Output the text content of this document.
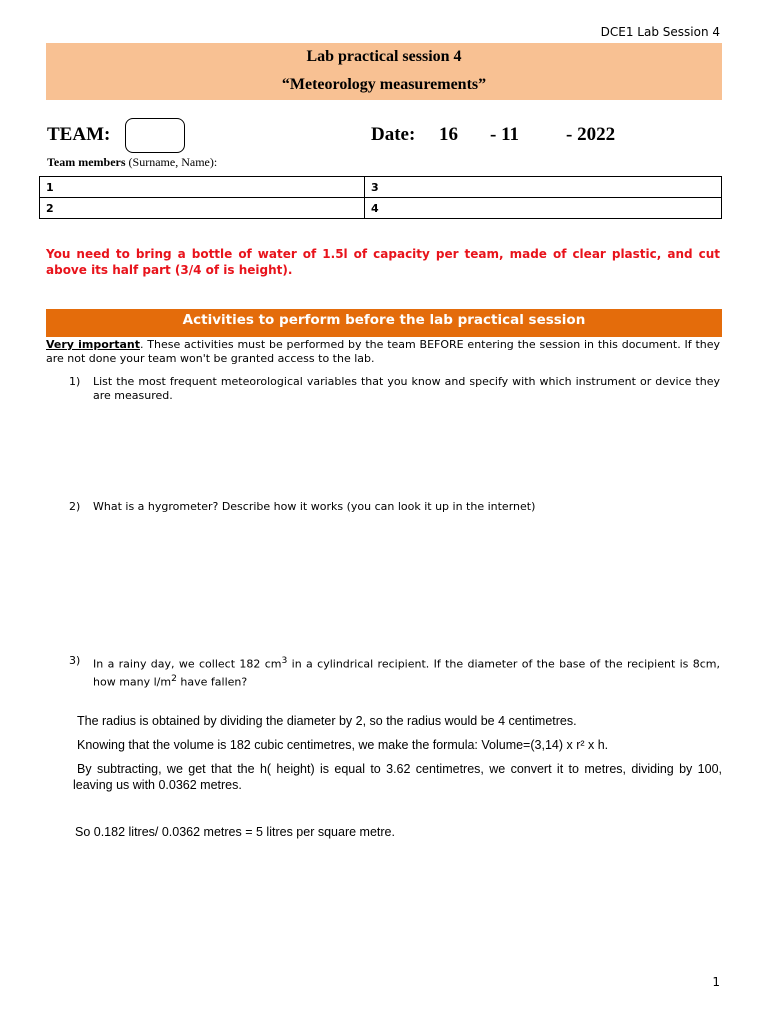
DCE1 Lab Session 4
Lab practical session 4
“Meteorology measurements”
TEAM:	Date: 16 - 11 - 2022
Team members (Surname, Name):
1	3
2	4
You need to bring a bottle of water of 1.5l of capacity per team, made of clear plastic, and cut above its half part (3/4 of is height).
Activities to perform before the lab practical session
Very important. These activities must be performed by the team BEFORE entering the session in this document. If they are not done your team won't be granted access to the lab.
1) List the most frequent meteorological variables that you know and specify with which instrument or device they are measured.
2) What is a hygrometer? Describe how it works (you can look it up in the internet)
3) In a rainy day, we collect 182 $cm^3$ in a cylindrical recipient. If the diameter of the base of the recipient is 8cm, how many $l/m^2$ have fallen?
The radius is obtained by dividing the diameter by 2, so the radius would be 4 centimetres.
Knowing that the volume is 182 cubic centimetres, we make the formula: Volume=(3,14) x r² x h.
By subtracting, we get that the h( height) is equal to 3.62 centimetres, we convert it to metres, dividing by 100, leaving us with 0.0362 metres.
So 0.182 litres/ 0.0362 metres = 5 litres per square metre.
1
